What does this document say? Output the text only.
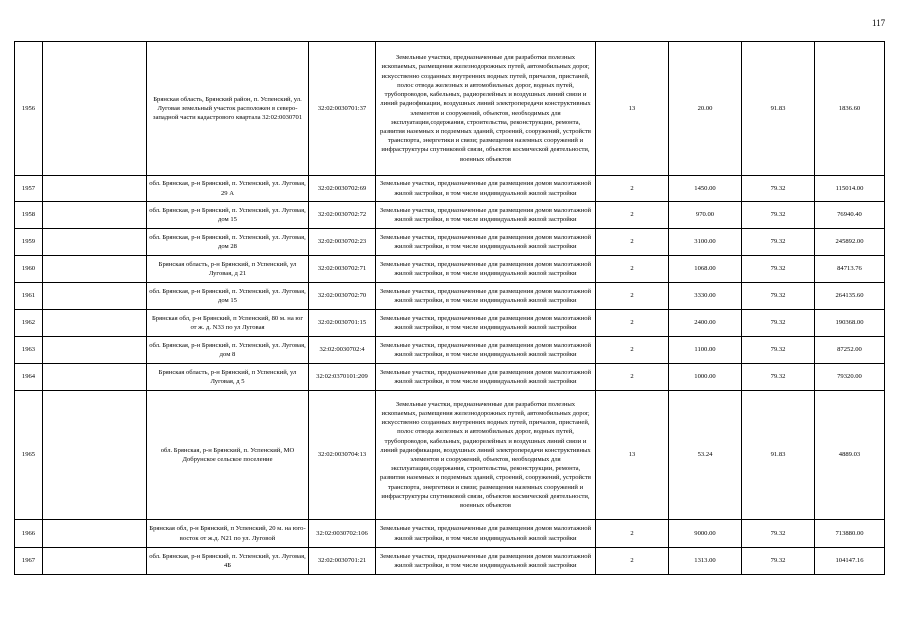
117
1956		Брянская область, Брянский район, п. Успенский, ул. Луговая земельный участок расположен в северо-западной части кадастрового квартала 32:02:0030701	32:02:0030701:37	Земельные участки, предназначенные для разработки полезных ископаемых, размещения железнодорожных путей, автомобильных дорог, искусственно созданных внутренних водных путей, причалов, пристаней, полос отвода железных и автомобильных дорог, водных путей, трубопроводов, кабельных, радиорелейных и воздушных линий связи и линий радиофикации, воздушных линий электропередачи конструктивных элементов и сооружений, объектов, необходимых для эксплуатации,содержания, строительства, реконструкции, ремонта, развития наземных и подземных зданий, строений, сооружений, устройств транспорта, энергетики и связи; размещения наземных сооружений и инфраструктуры спутниковой связи, объектов космической деятельности, военных объектов	13	20.00	91.83	1836.60
1957		обл. Брянская, р-н Брянский, п. Успенский, ул. Луговая, 29 А	32:02:0030702:69	Земельные участки, предназначенные для размещения домов малоэтажной жилой застройки, в том числе индивидуальной жилой застройки	2	1450.00	79.32	115014.00
1958		обл. Брянская, р-н Брянский, п. Успенский, ул. Луговая, дом 15	32:02:0030702:72	Земельные участки, предназначенные для размещения домов малоэтажной жилой застройки, в том числе индивидуальной жилой застройки	2	970.00	79.32	76940.40
1959		обл. Брянская, р-н Брянский, п. Успенский, ул. Луговая, дом 28	32:02:0030702:23	Земельные участки, предназначенные для размещения домов малоэтажной жилой застройки, в том числе индивидуальной жилой застройки	2	3100.00	79.32	245892.00
1960		Брянская область, р-н Брянский, п Успенский, ул Луговая, д 21	32:02:0030702:71	Земельные участки, предназначенные для размещения домов малоэтажной жилой застройки, в том числе индивидуальной жилой застройки	2	1068.00	79.32	84713.76
1961		обл. Брянская, р-н Брянский, п. Успенский, ул. Луговая, дом 15	32:02:0030702:70	Земельные участки, предназначенные для размещения домов малоэтажной жилой застройки, в том числе индивидуальной жилой застройки	2	3330.00	79.32	264135.60
1962		Брянская обл, р-н Брянский, п Успенский, 80 м. на юг от ж. д. N33 по ул Луговая	32:02:0030701:15	Земельные участки, предназначенные для размещения домов малоэтажной жилой застройки, в том числе индивидуальной жилой застройки	2	2400.00	79.32	190368.00
1963		обл. Брянская, р-н Брянский, п. Успенский, ул. Луговая, дом 8	32:02:0030702:4	Земельные участки, предназначенные для размещения домов малоэтажной жилой застройки, в том числе индивидуальной жилой застройки	2	1100.00	79.32	87252.00
1964		Брянская область, р-н Брянский, п Успенский, ул Луговая, д 5	32:02:0370101:209	Земельные участки, предназначенные для размещения домов малоэтажной жилой застройки, в том числе индивидуальной жилой застройки	2	1000.00	79.32	79320.00
1965		обл. Брянская, р-н Брянский, п. Успенский, МО Добрунское сельское поселение	32:02:0030704:13	Земельные участки, предназначенные для разработки полезных ископаемых, размещения железнодорожных путей, автомобильных дорог, искусственно созданных внутренних водных путей, причалов, пристаней, полос отвода железных и автомобильных дорог, водных путей, трубопроводов, кабельных, радиорелейных и воздушных линий связи и линий радиофикации, воздушных линий электропередачи конструктивных элементов и сооружений, объектов, необходимых для эксплуатации,содержания, строительства, реконструкции, ремонта, развития наземных и подземных зданий, строений, сооружений, устройств транспорта, энергетики и связи; размещения наземных сооружений и инфраструктуры спутниковой связи, объектов космической деятельности, военных объектов	13	53.24	91.83	4889.03
1966		Брянская обл, р-н Брянский, п Успенский, 20 м. на юго-восток от ж.д. N21 по ул. Луговой	32:02:0030702:106	Земельные участки, предназначенные для размещения домов малоэтажной жилой застройки, в том числе индивидуальной жилой застройки	2	9000.00	79.32	713880.00
1967		обл. Брянская, р-н Брянский, п. Успенский, ул. Луговая, 4Б	32:02:0030701:21	Земельные участки, предназначенные для размещения домов малоэтажной жилой застройки, в том числе индивидуальной жилой застройки	2	1313.00	79.32	104147.16
